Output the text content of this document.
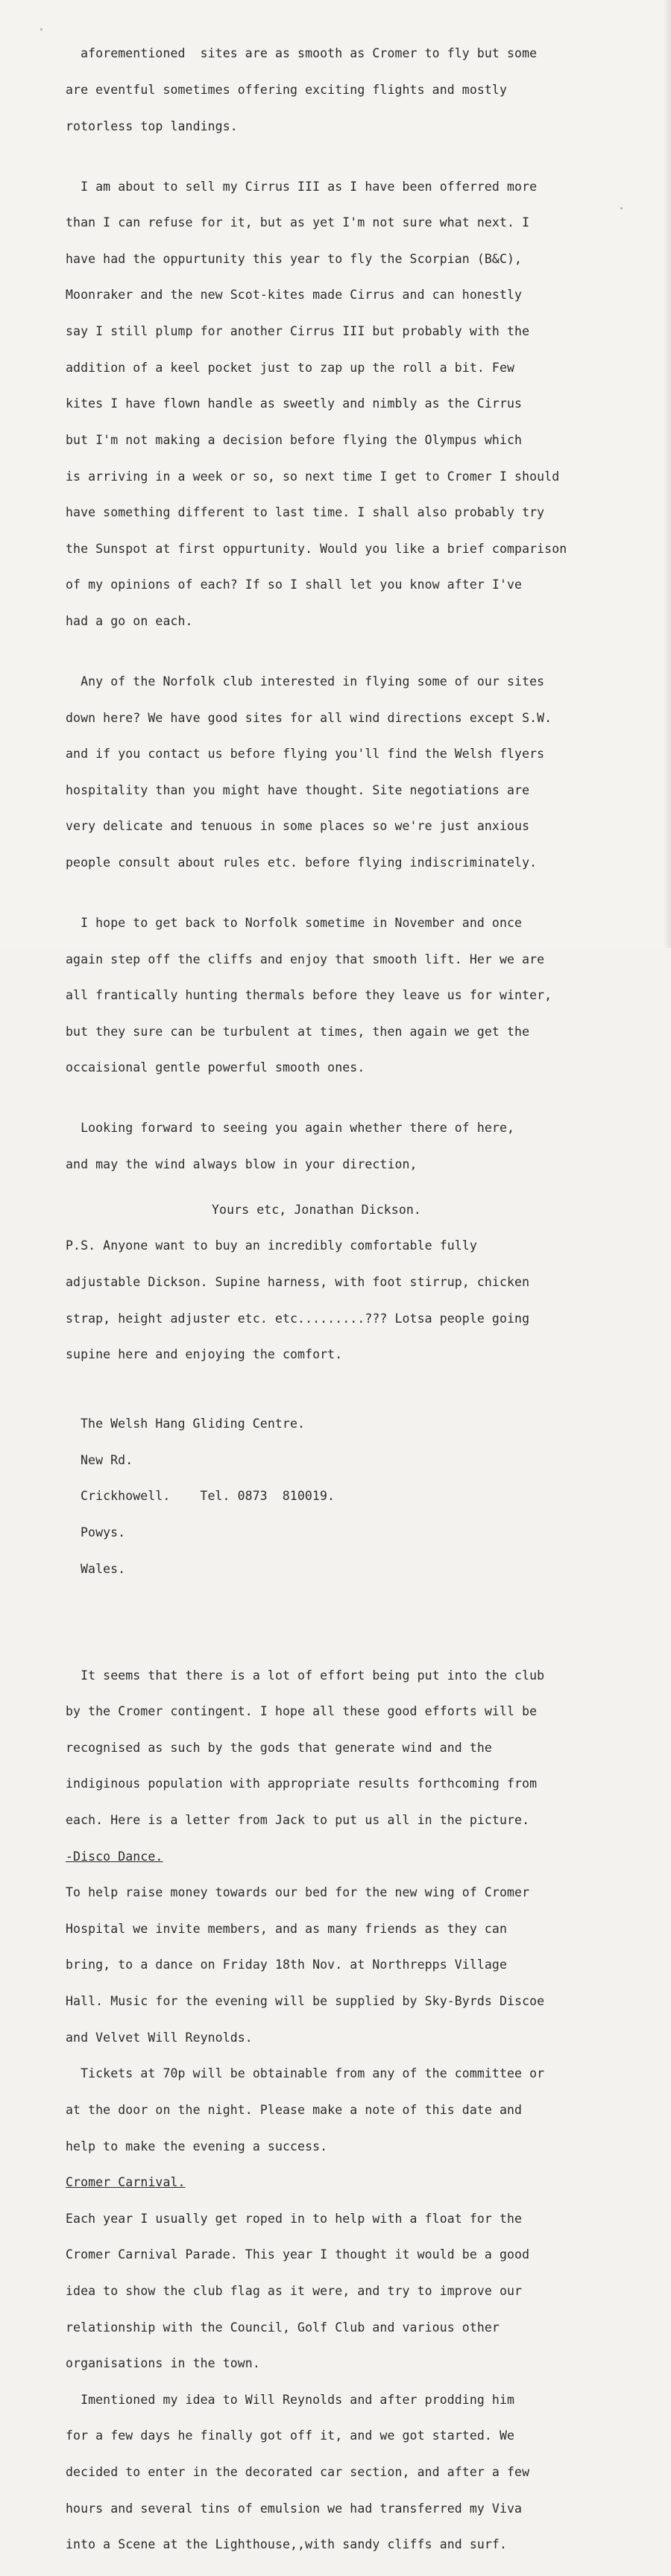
aforementioned  sites are as smooth as Cromer to fly but some

are eventful sometimes offering exciting flights and mostly

rotorless top landings.

I am about to sell my Cirrus III as I have been offerred more

than I can refuse for it, but as yet I'm not sure what next. I

have had the oppurtunity this year to fly the Scorpian (B&C),

Moonraker and the new Scot-kites made Cirrus and can honestly

say I still plump for another Cirrus III but probably with the

addition of a keel pocket just to zap up the roll a bit. Few

kites I have flown handle as sweetly and nimbly as the Cirrus

but I'm not making a decision before flying the Olympus which

is arriving in a week or so, so next time I get to Cromer I should

have something different to last time. I shall also probably try

the Sunspot at first oppurtunity. Would you like a brief comparison

of my opinions of each? If so I shall let you know after I've

had a go on each.

Any of the Norfolk club interested in flying some of our sites

down here? We have good sites for all wind directions except S.W.

and if you contact us before flying you'll find the Welsh flyers

hospitality than you might have thought. Site negotiations are

very delicate and tenuous in some places so we're just anxious

people consult about rules etc. before flying indiscriminately.

I hope to get back to Norfolk sometime in November and once

again step off the cliffs and enjoy that smooth lift. Her we are

all frantically hunting thermals before they leave us for winter,

but they sure can be turbulent at times, then again we get the

occaisional gentle powerful smooth ones.

Looking forward to seeing you again whether there of here,

and may the wind always blow in your direction,

Yours etc, Jonathan Dickson.

P.S. Anyone want to buy an incredibly comfortable fully

adjustable Dickson. Supine harness, with foot stirrup, chicken

strap, height adjuster etc. etc.........??? Lotsa people going

supine here and enjoying the comfort.

The Welsh Hang Gliding Centre.

New Rd.

Crickhowell. Tel. 0873  810019.

Powys.

Wales.

It seems that there is a lot of effort being put into the club

by the Cromer contingent. I hope all these good efforts will be

recognised as such by the gods that generate wind and the

indiginous population with appropriate results forthcoming from

each. Here is a letter from Jack to put us all in the picture.

-Disco Dance.

To help raise money towards our bed for the new wing of Cromer

Hospital we invite members, and as many friends as they can

bring, to a dance on Friday 18th Nov. at Northrepps Village

Hall. Music for the evening will be supplied by Sky-Byrds Discoe

and Velvet Will Reynolds.

Tickets at 70p will be obtainable from any of the committee or

at the door on the night. Please make a note of this date and

help to make the evening a success.

Cromer Carnival.

Each year I usually get roped in to help with a float for the

Cromer Carnival Parade. This year I thought it would be a good

idea to show the club flag as it were, and try to improve our

relationship with the Council, Golf Club and various other

organisations in the town.

Imentioned my idea to Will Reynolds and after prodding him

for a few days he finally got off it, and we got started. We

decided to enter in the decorated car section, and after a few

hours and several tins of emulsion we had transferred my Viva

into a Scene at the Lighthouse,,with sandy cliffs and surf.
